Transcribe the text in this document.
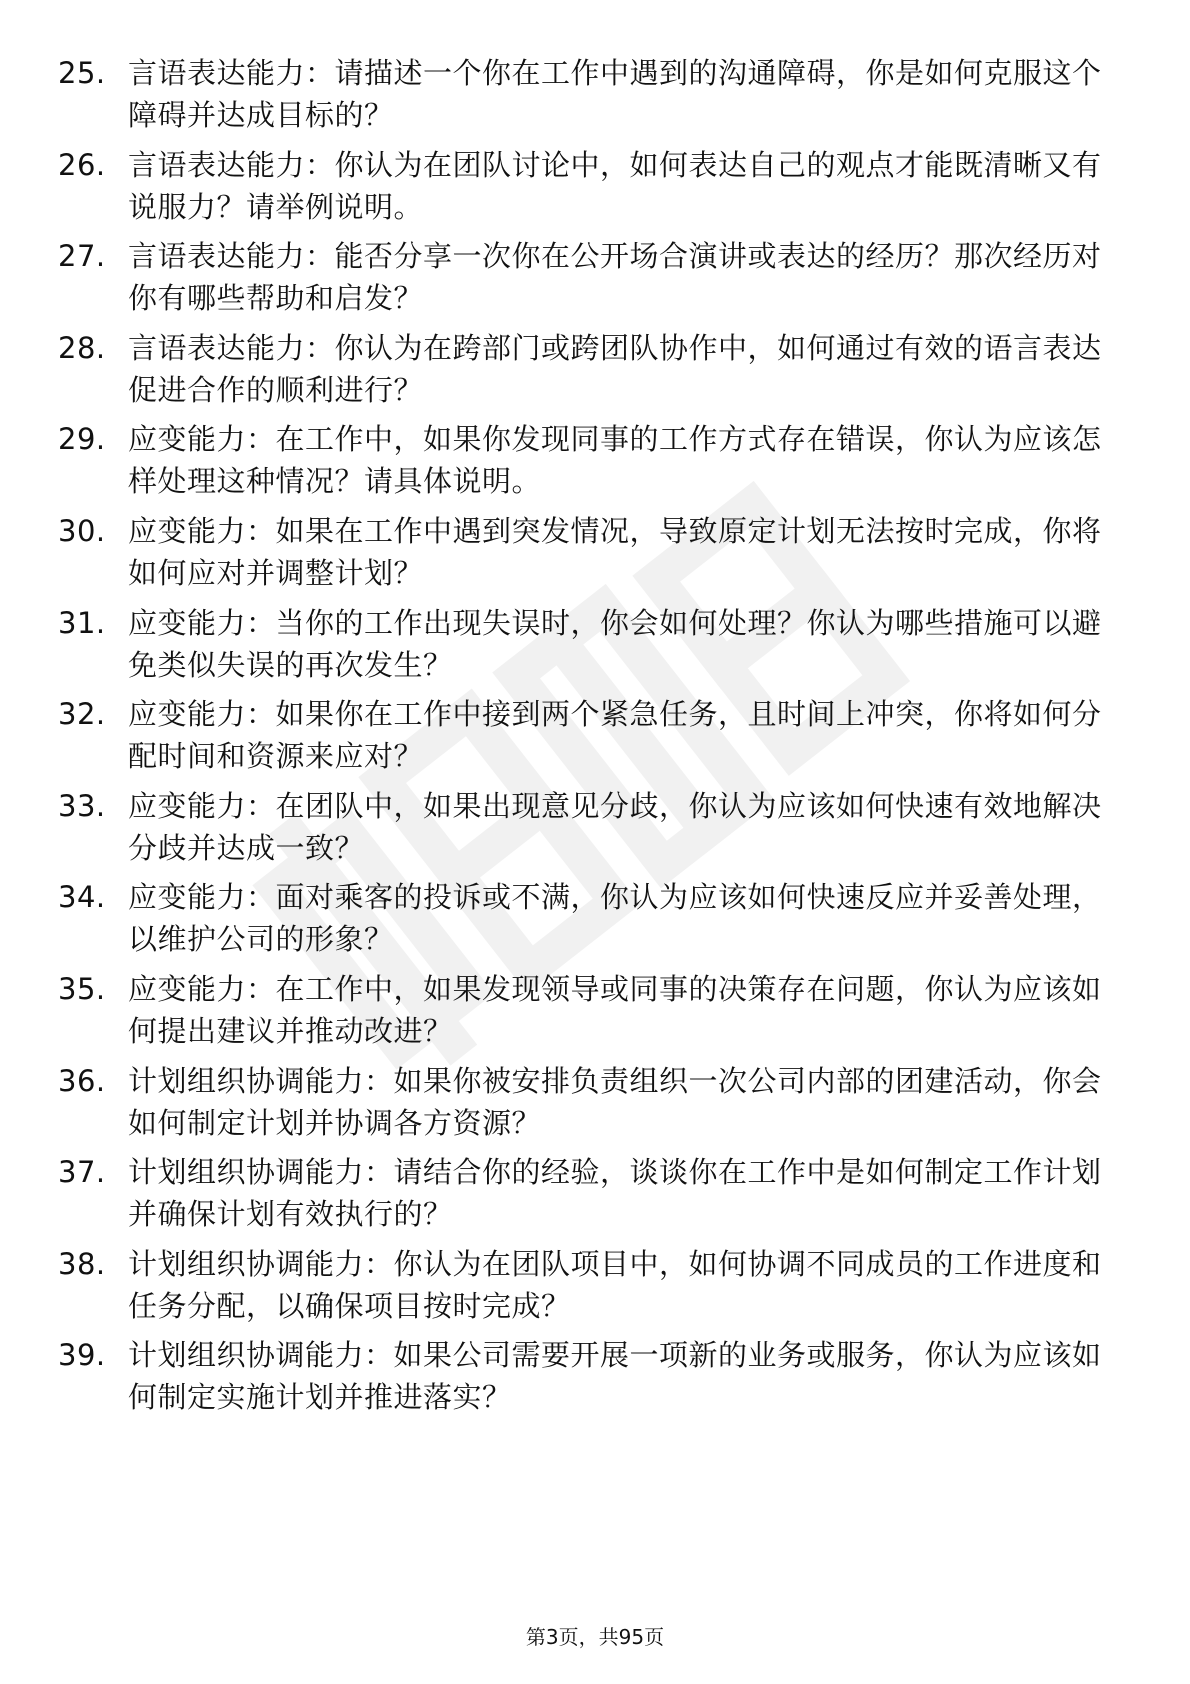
25. 言语表达能力：请描述一个你在工作中遇到的沟通障碍，你是如何克服这个障碍并达成目标的？
26. 言语表达能力：你认为在团队讨论中，如何表达自己的观点才能既清晰又有说服力？请举例说明。
27. 言语表达能力：能否分享一次你在公开场合演讲或表达的经历？那次经历对你有哪些帮助和启发？
28. 言语表达能力：你认为在跨部门或跨团队协作中，如何通过有效的语言表达促进合作的顺利进行？
29. 应变能力：在工作中，如果你发现同事的工作方式存在错误，你认为应该怎样处理这种情况？请具体说明。
30. 应变能力：如果在工作中遇到突发情况，导致原定计划无法按时完成，你将如何应对并调整计划？
31. 应变能力：当你的工作出现失误时，你会如何处理？你认为哪些措施可以避免类似失误的再次发生？
32. 应变能力：如果你在工作中接到两个紧急任务，且时间上冲突，你将如何分配时间和资源来应对？
33. 应变能力：在团队中，如果出现意见分歧，你认为应该如何快速有效地解决分歧并达成一致？
34. 应变能力：面对乘客的投诉或不满，你认为应该如何快速反应并妥善处理，以维护公司的形象？
35. 应变能力：在工作中，如果发现领导或同事的决策存在问题，你认为应该如何提出建议并推动改进？
36. 计划组织协调能力：如果你被安排负责组织一次公司内部的团建活动，你会如何制定计划并协调各方资源？
37. 计划组织协调能力：请结合你的经验，谈谈你在工作中是如何制定工作计划并确保计划有效执行的？
38. 计划组织协调能力：你认为在团队项目中，如何协调不同成员的工作进度和任务分配，以确保项目按时完成？
39. 计划组织协调能力：如果公司需要开展一项新的业务或服务，你认为应该如何制定实施计划并推进落实？
第3页，共95页
